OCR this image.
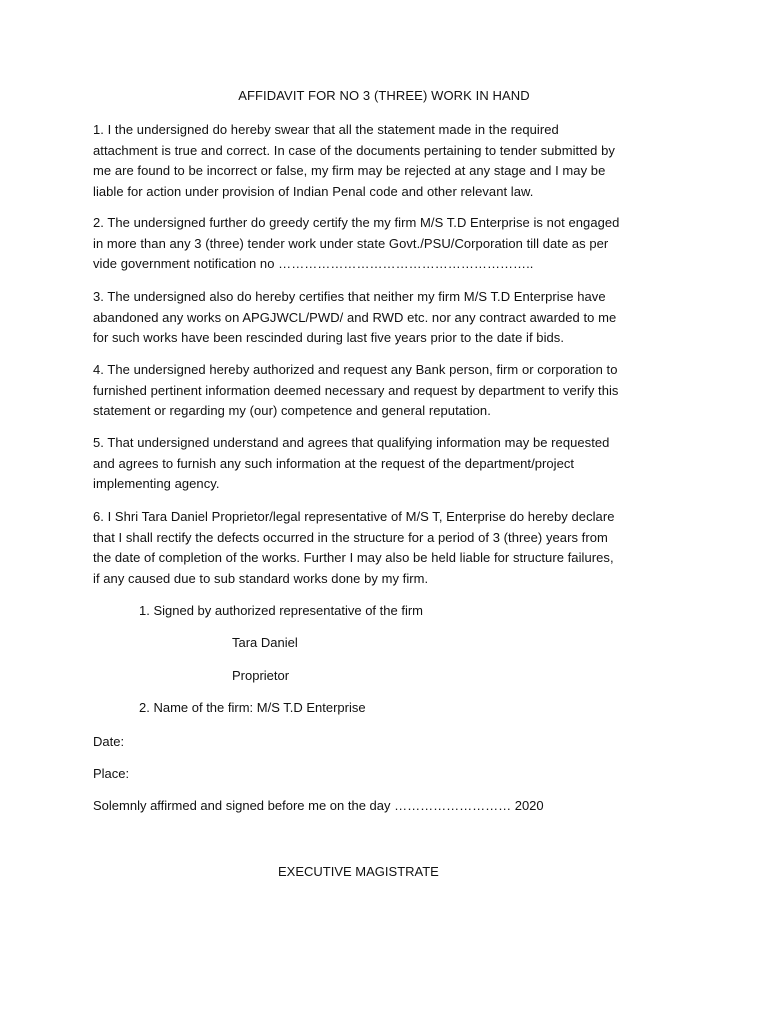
AFFIDAVIT FOR NO 3 (THREE) WORK IN HAND

1. I the undersigned do hereby swear that all the statement made in the required
attachment is true and correct. In case of the documents pertaining to tender submitted by
me are found to be incorrect or false, my firm may be rejected at any stage and I may be
liable for action under provision of Indian Penal code and other relevant law.

2. The undersigned further do greedy certify the my firm M/S T.D Enterprise is not engaged
in more than any 3 (three) tender work under state Govt./PSU/Corporation till date as per
vide government notification no …………………………………………………..

3. The undersigned also do hereby certifies that neither my firm M/S T.D Enterprise have
abandoned any works on APGJWCL/PWD/ and RWD etc. nor any contract awarded to me
for such works have been rescinded during last five years prior to the date if bids.

4. The undersigned hereby authorized and request any Bank person, firm or corporation to
furnished pertinent information deemed necessary and request by department to verify this
statement or regarding my (our) competence and general reputation.

5. That undersigned understand and agrees that qualifying information may be requested
and agrees to furnish any such information at the request of the department/project
implementing agency.

6. I Shri Tara Daniel Proprietor/legal representative of M/S T, Enterprise do hereby declare
that I shall rectify the defects occurred in the structure for a period of 3 (three) years from
the date of completion of the works. Further I may also be held liable for structure failures,
if any caused due to sub standard works done by my firm.

1. Signed by authorized representative of the firm
Tara Daniel
Proprietor
2. Name of the firm: M/S T.D Enterprise
Date:
Place:
Solemnly affirmed and signed before me on the day ……………………… 2020
EXECUTIVE MAGISTRATE
